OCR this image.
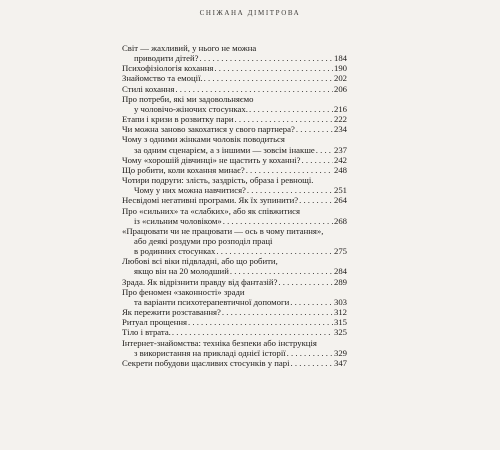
СНІЖАНА ДІМІТРОВА
Світ — жахливий, у нього не можна
приводити дітей? . . .	184
Психофізіологія кохання . . .	190
Знайомство та емоції. . . .	202
Стилі кохання . . .	206
Про потреби, які ми задовольняємо
у чоловічо-жіночих стосунках. . . .	216
Етапи і кризи в розвитку пари . . .	222
Чи можна заново закохатися у свого партнера? . . .	234
Чому з одними жінками чоловік поводиться
за одним сценарієм, а з іншими — зовсім інакше . . . 237
Чому «хорошій дівчинці» не щастить у коханні? . . .	242
Що робити, коли кохання минає? . . .	248
Чотири подруги: злість, заздрість, образа і ревнощі.
Чому у них можна навчитися? . . .	251
Несвідомі негативні програми. Як їх зупинити? . . .	264
Про «сильних» та «слабких», або як співжитися
із «сильним чоловіком» . . .	268
«Працювати чи не працювати — ось в чому питання»,
або деякі роздуми про розподіл праці
в родинних стосунках . . .	275
Любові всі віки підвладні, або що робити,
якщо він на 20 молодший . . .	284
Зрада. Як відрізнити правду від фантазій? . . .	289
Про феномен «законності» зради
та варіанти психотерапевтичної допомоги . . .	303
Як пережити розставання? . . .	312
Ритуал прощення . . .	315
Тіло і втрата. . . .	325
Інтернет-знайомства: техніка безпеки або інструкція
з використання на прикладі однієї історії . . .	329
Секрети побудови щасливих стосунків у парі . . .	347
